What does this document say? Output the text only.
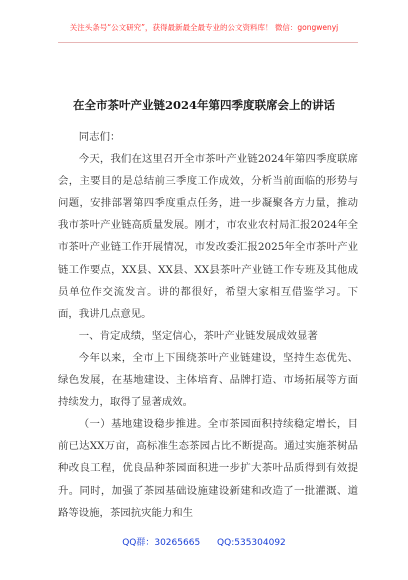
关注头条号“公文研究”，获得最新最全最专业的公文资料库！ 微信：gongwenyj
在全市茶叶产业链2024年第四季度联席会上的讲话

同志们：

今天，我们在这里召开全市茶叶产业链2024年第四季度联席会，主要目的是总结前三季度工作成效，分析当前面临的形势与问题，安排部署第四季度重点任务，进一步凝聚各方力量，推动我市茶叶产业链高质量发展。刚才，市农业农村局汇报2024年全市茶叶产业链工作开展情况，市发改委汇报2025年全市茶叶产业链工作要点，XX县、XX县、XX县茶叶产业链工作专班及其他成员单位作交流发言。讲的都很好，希望大家相互借鉴学习。下面，我讲几点意见。

一、肯定成绩，坚定信心，茶叶产业链发展成效显著

今年以来，全市上下围绕茶叶产业链建设，坚持生态优先、绿色发展，在基地建设、主体培育、品牌打造、市场拓展等方面持续发力，取得了显著成效。

（一）基地建设稳步推进。全市茶园面积持续稳定增长，目前已达XX万亩，高标准生态茶园占比不断提高。通过实施茶树品种改良工程，优良品种茶园面积进一步扩大茶叶品质得到有效提升。同时，加强了茶园基础设施建设新建和改造了一批灌溉、道路等设施，茶园抗灾能力和生

QQ群：30265665 QQ:535304092
